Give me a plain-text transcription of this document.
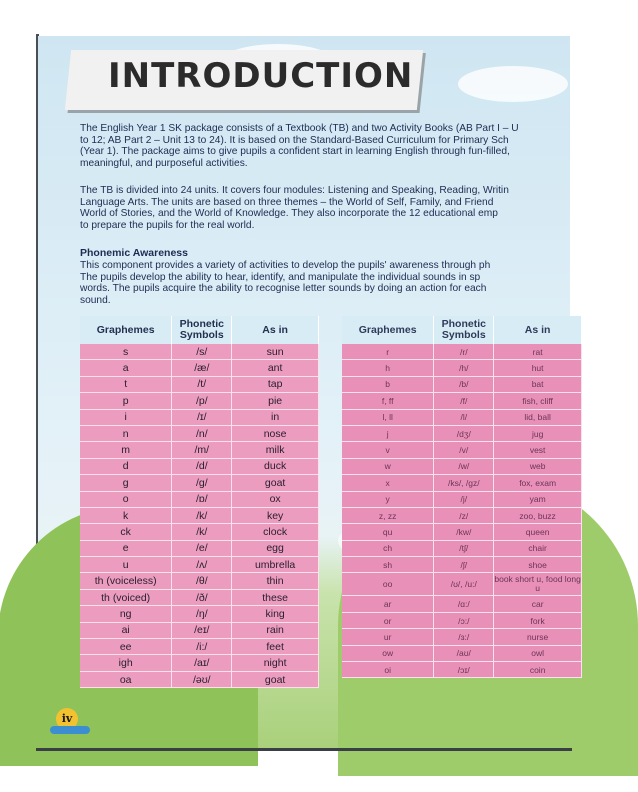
INTRODUCTION

The English Year 1 SK package consists of a Textbook (TB) and two Activity Books (AB Part I – U

to 12; AB Part 2 – Unit 13 to 24). It is based on the Standard-Based Curriculum for Primary Sch

(Year 1). The package aims to give pupils a confident start in learning English through fun-filled,

meaningful, and purposeful activities.

The TB is divided into 24 units. It covers four modules: Listening and Speaking, Reading, Writin

Language Arts. The units are based on three themes – the World of Self, Family, and Friend

World of Stories, and the World of Knowledge. They also incorporate the 12 educational emp

to prepare the pupils for the real world.

Phonemic Awareness

This component provides a variety of activities to develop the pupils' awareness through ph

The pupils develop the ability to hear, identify, and manipulate the individual sounds in sp

words. The pupils acquire the ability to recognise letter sounds by doing an action for each

sound.

Graphemes	Phonetic Symbols	As in
s	/s/	sun
a	/æ/	ant
t	/t/	tap
p	/p/	pie
i	/ɪ/	in
n	/n/	nose
m	/m/	milk
d	/d/	duck
g	/g/	goat
o	/ɒ/	ox
k	/k/	key
ck	/k/	clock
e	/e/	egg
u	/ʌ/	umbrella
th (voiceless)	/θ/	thin
th (voiced)	/ð/	these
ng	/ŋ/	king
ai	/eɪ/	rain
ee	/i:/	feet
igh	/aɪ/	night
oa	/əʊ/	goat
Graphemes	Phonetic Symbols	As in
r	/r/	rat
h	/h/	hut
b	/b/	bat
f, ff	/f/	fish, cliff
l, ll	/l/	lid, ball
j	/dʒ/	jug
v	/v/	vest
w	/w/	web
x	/ks/, /gz/	fox, exam
y	/j/	yam
z, zz	/z/	zoo, buzz
qu	/kw/	queen
ch	/tʃ/	chair
sh	/ʃ/	shoe
oo	/ʊ/, /u:/	book short u, food long u
ar	/ɑ:/	car
or	/ɔ:/	fork
ur	/ɜ:/	nurse
ow	/aʊ/	owl
oi	/ɔɪ/	coin
iv
